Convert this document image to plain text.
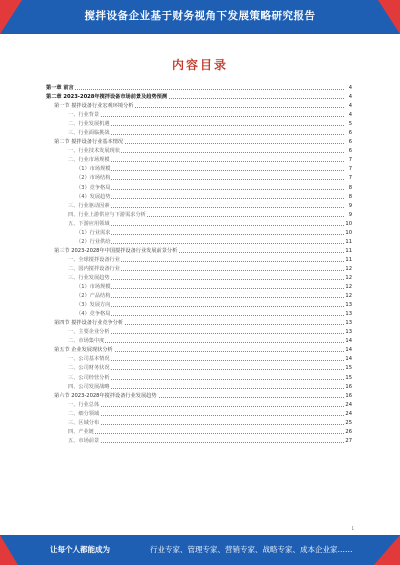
搅拌设备企业基于财务视角下发展策略研究报告
内容目录
第一章 前言	4
第二章 2023-2028年搅拌设备市场前景及趋势预测	4
第一节 搅拌设备行业宏观环境分析	4
一、行业背景	4
二、行业发展机遇	5
三、行业面临挑战	6
第二节 搅拌设备行业基本情况	6
一、行业技术发展现状	6
二、行业市场规模	7
（1）市场规模	7
（2）市场结构	7
（3）竞争格局	8
（4）发展趋势	8
三、行业驱动因素	9
四、行业上游供应与下游需求分析	9
五、下游应用领域	10
（1）行业需求	10
（2）行业供给	11
第三节 2023-2028年中国搅拌设备行业发展前景分析	11
一、全球搅拌设备行业	11
二、国内搅拌设备行业	12
三、行业发展趋势	12
（1）市场规模	12
（2）产品结构	12
（3）发展方向	13
（4）竞争格局	13
第四节 搅拌设备行业竞争分析	13
一、主要企业分析	13
二、市场集中度	14
第五节 企业发展现状分析	14
一、公司基本情况	14
二、公司财务状况	15
三、公司经营分析	15
四、公司发展战略	16
第六节 2023-2028年搅拌设备行业发展趋势	16
一、行业总体	24
二、细分领域	24
三、区域分布	25
四、产业链	26
五、市场前景	27
1
让每个人都能成为	行业专家、管理专家、营销专家、战略专家、成本企业家……
